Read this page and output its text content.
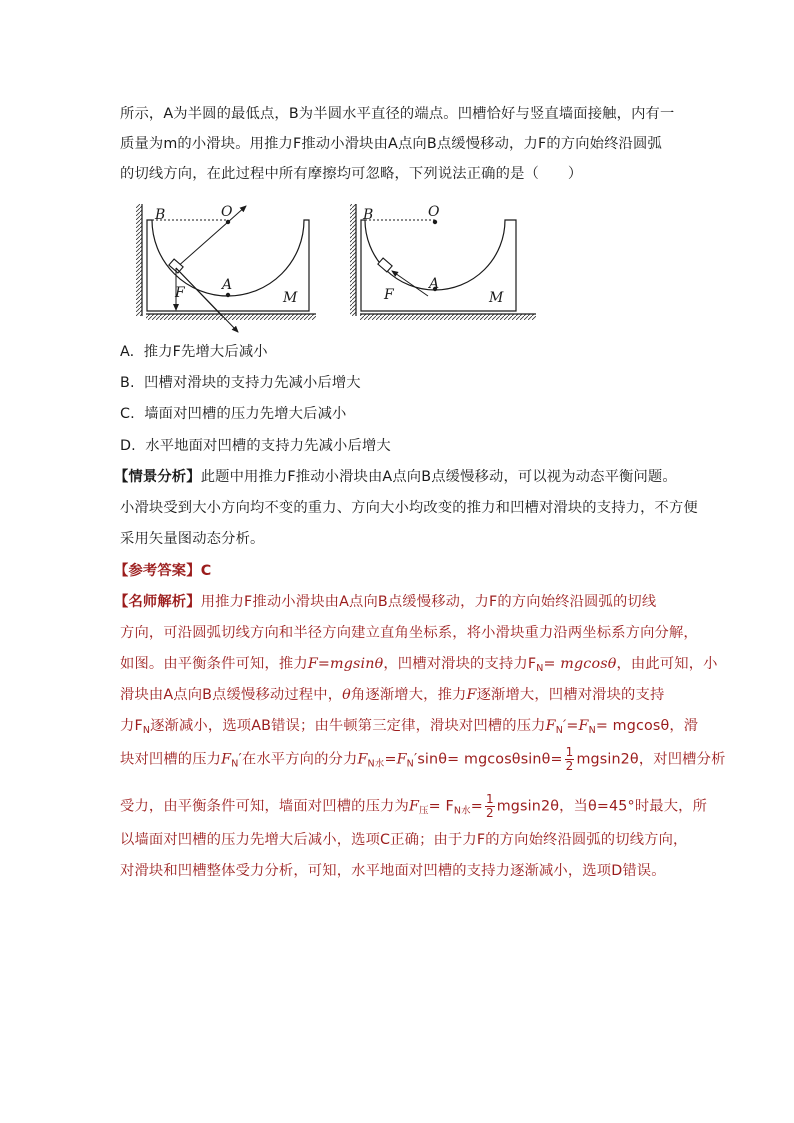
所示，A为半圆的最低点，B为半圆水平直径的端点。凹槽恰好与竖直墙面接触，内有一
质量为m的小滑块。用推力F推动小滑块由A点向B点缓慢移动，力F的方向始终沿圆弧
的切线方向，在此过程中所有摩擦均可忽略，下列说法正确的是（　　）
B	O
F	A
M
B	O
F
A
M
A. 推力F先增大后减小
B. 凹槽对滑块的支持力先减小后增大
C. 墙面对凹槽的压力先增大后减小
D. 水平地面对凹槽的支持力先减小后增大
【情景分析】此题中用推力F推动小滑块由A点向B点缓慢移动，可以视为动态平衡问题。
小滑块受到大小方向均不变的重力、方向大小均改变的推力和凹槽对滑块的支持力，不方便
采用矢量图动态分析。
【参考答案】C
【名师解析】用推力F推动小滑块由A点向B点缓慢移动，力F的方向始终沿圆弧的切线
方向，可沿圆弧切线方向和半径方向建立直角坐标系，将小滑块重力沿两坐标系方向分解，
如图。由平衡条件可知，推力F=mgsinθ，凹槽对滑块的支持力$F_N= mgcos\theta$，由此可知，小
滑块由A点向B点缓慢移动过程中，θ角逐渐增大，推力F逐渐增大，凹槽对滑块的支持
力$F_N$逐渐减小，选项AB错误；由牛顿第三定律，滑块对凹槽的压力$F_N'=F_N= mgcos\theta$，滑
块对凹槽的压力$F_N'$在水平方向的分力$F_{N水}=F_N'\sin\theta= mgcos\theta\sin\theta= \frac{1}{2} mgsin2\theta$，对凹槽分析
受力，由平衡条件可知，墙面对凹槽的压力为$F_压= F_{N水}= \frac{1}{2} mgsin2\theta$，当θ=45°时最大，所
以墙面对凹槽的压力先增大后减小，选项C正确；由于力F的方向始终沿圆弧的切线方向，
对滑块和凹槽整体受力分析，可知，水平地面对凹槽的支持力逐渐减小，选项D错误。
